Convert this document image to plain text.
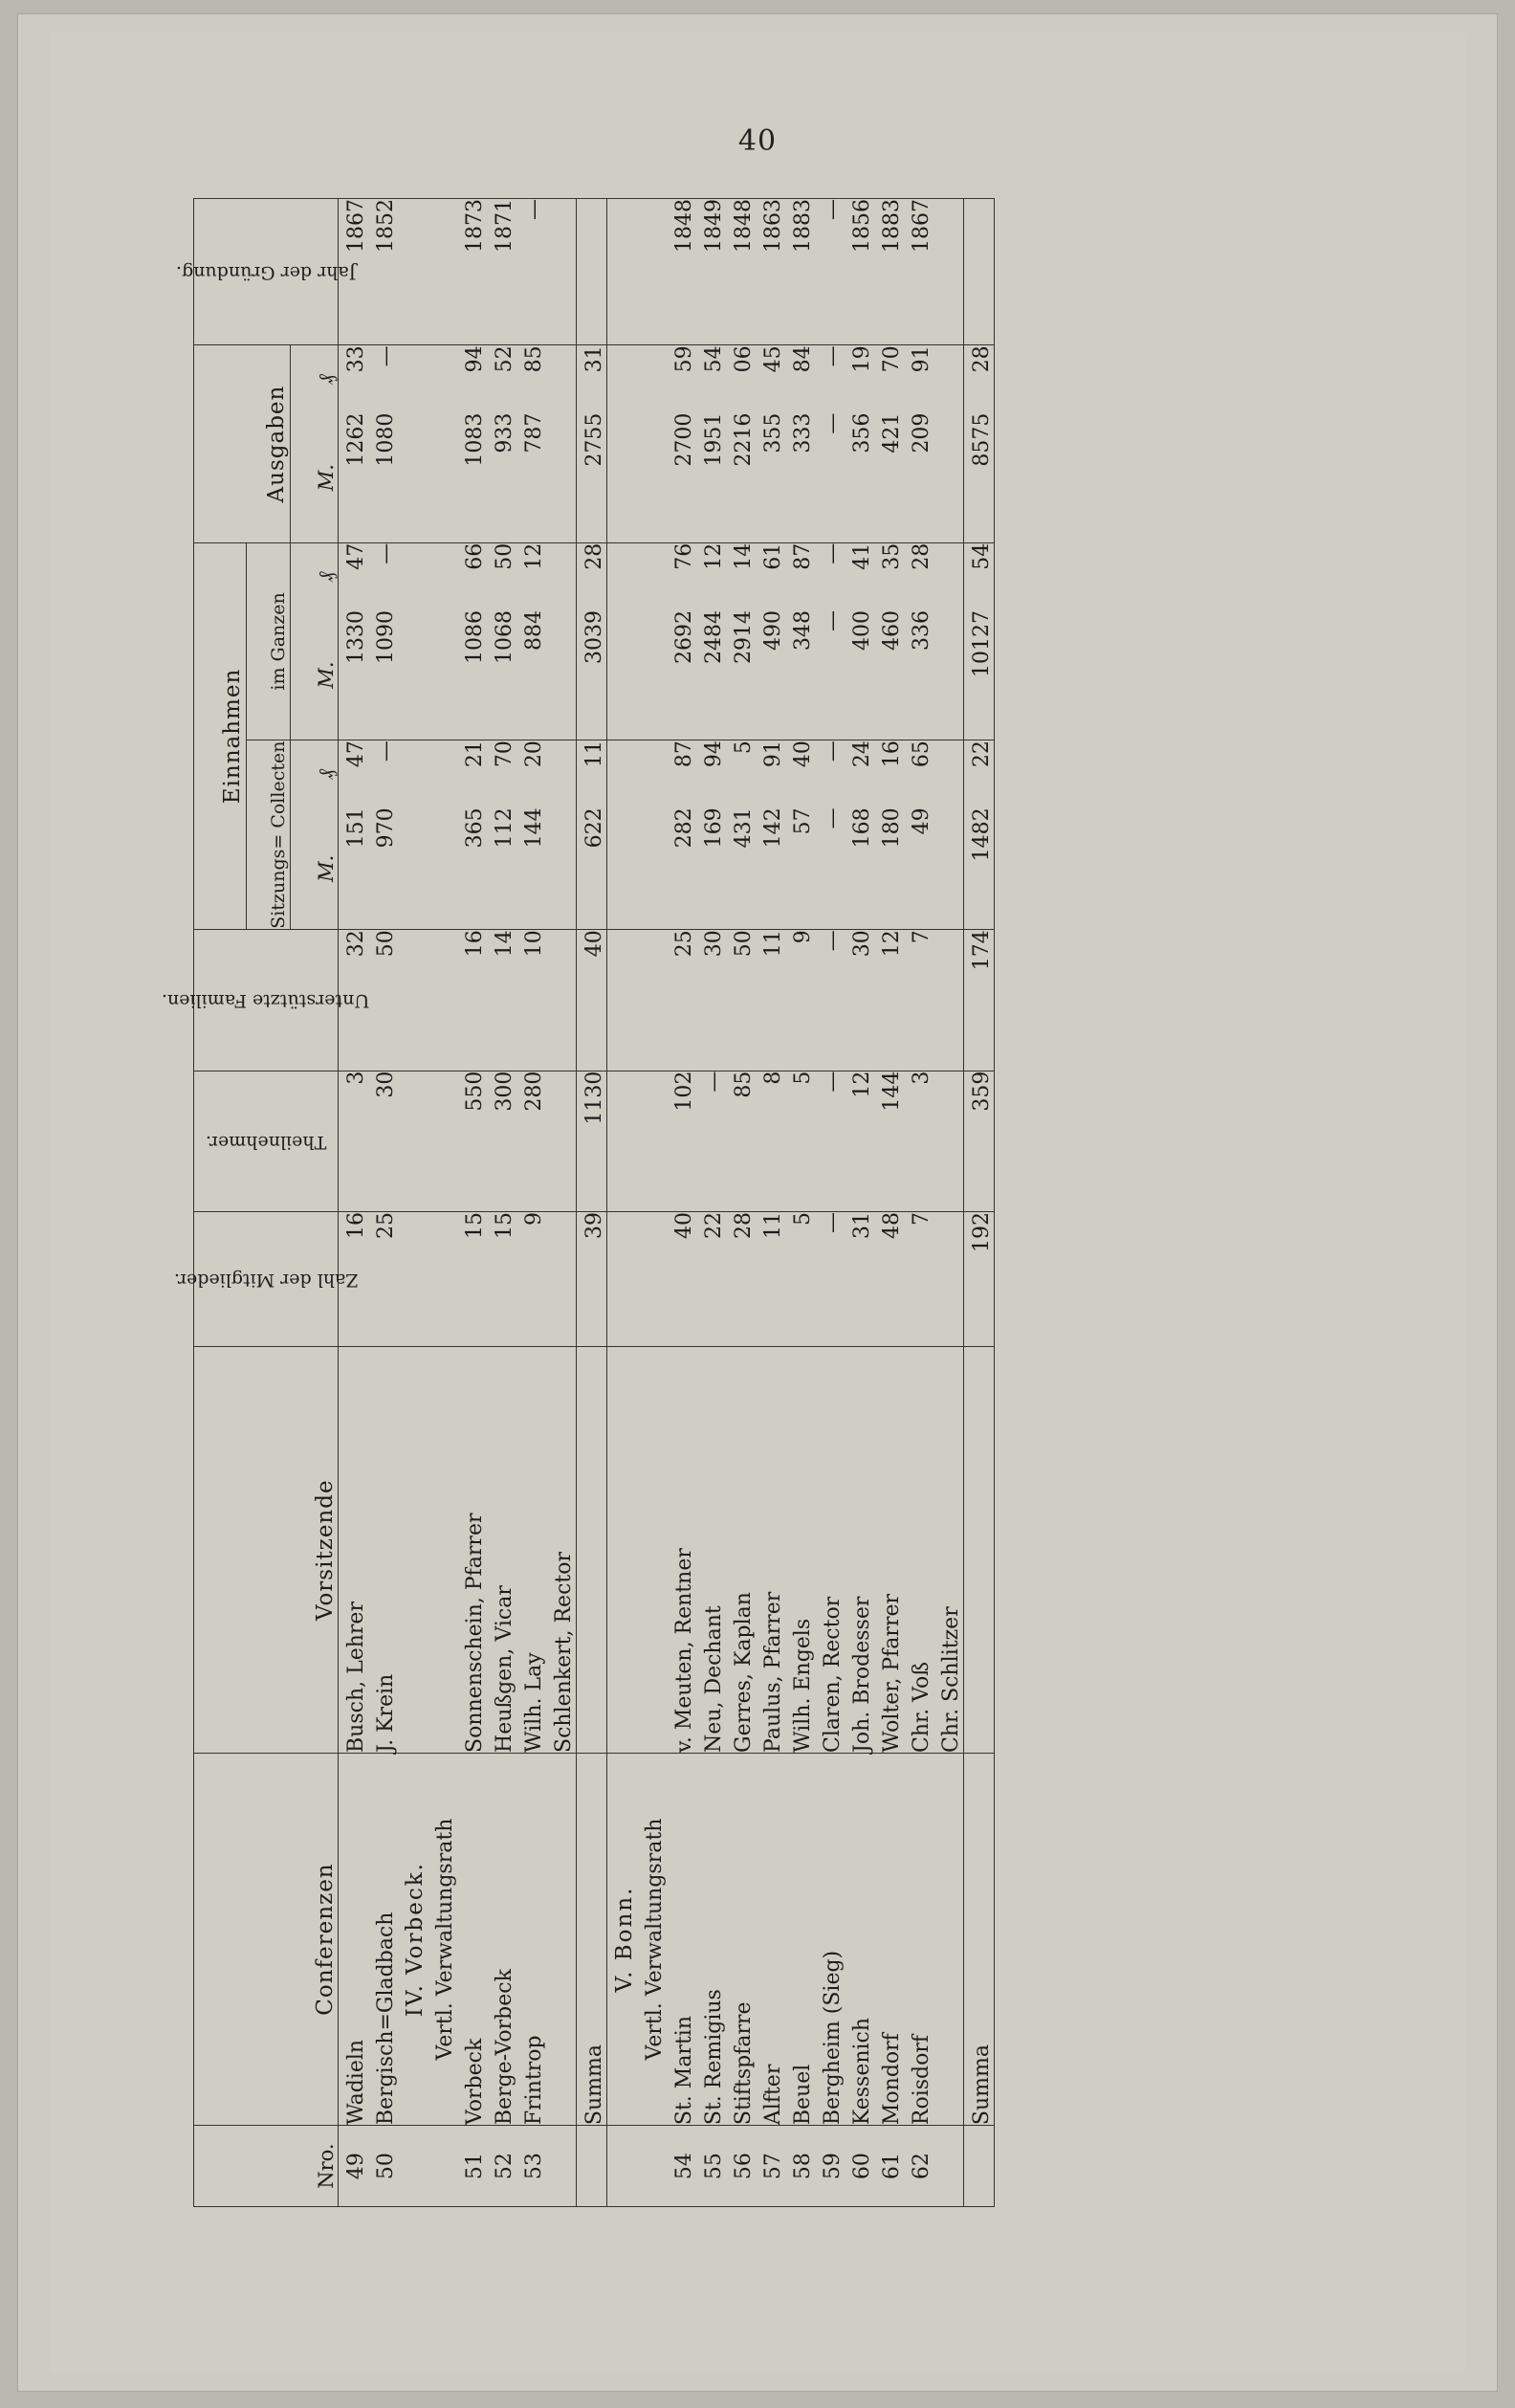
40
Nro.	Conferenzen	Vorsitzende	Zahl der Mitglieder.	Theilnehmer.	Unterstützte Familien.	Einnahmen				Ausgaben		Jahr der Gründung.

						Sitzungs= Collecten		im Ganzen				
						M.	₰	M.	₰	M.	₰	
49	Wadieln	Busch, Lehrer	16	3	32	151	47	1330	47	1262	33	1867
50	Bergisch=Gladbach	J. Krein	25	30	50	970	—	1090	—	1080	—	1852
	IV. Vorbeck.											
	Vertl. Verwaltungsrath											
51	Vorbeck	Sonnenschein, Pfarrer	15	550	16	365	21	1086	66	1083	94	1873
52	Berge-Vorbeck	Heußgen, Vicar	15	300	14	112	70	1068	50	933	52	1871
53	Frintrop	Wilh. Lay	9	280	10	144	20	884	12	787	85	—
		Schlenkert, Rector										
	Summa		39	1130	40	622	11	3039	28	2755	31	
	V. Bonn.											
	Vertl. Verwaltungsrath											
54	St. Martin	v. Meuten, Rentner	40	102	25	282	87	2692	76	2700	59	1848
55	St. Remigius	Neu, Dechant	22	—	30	169	94	2484	12	1951	54	1849
56	Stiftspfarre	Gerres, Kaplan	28	85	50	431	5	2914	14	2216	06	1848
57	Alfter	Paulus, Pfarrer	11	8	11	142	91	490	61	355	45	1863
58	Beuel	Wilh. Engels	5	5	9	57	40	348	87	333	84	1883
59	Bergheim (Sieg)	Claren, Rector	—	—	—	—	—	—	—	—	—	—
60	Kessenich	Joh. Brodesser	31	12	30	168	24	400	41	356	19	1856
61	Mondorf	Wolter, Pfarrer	48	144	12	180	16	460	35	421	70	1883
62	Roisdorf	Chr. Voß	7	3	7	49	65	336	28	209	91	1867
		Chr. Schlitzer										
	Summa		192	359	174	1482	22	10127	54	8575	28	
